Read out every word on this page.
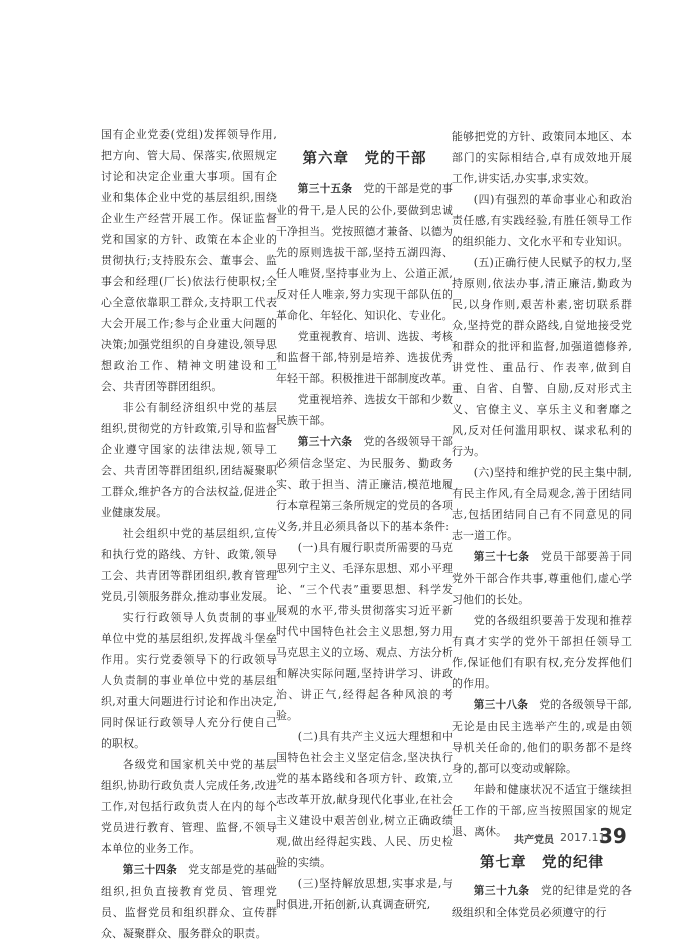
国有企业党委(党组)发挥领导作用,把方向、管大局、保落实,依照规定讨论和决定企业重大事项。国有企业和集体企业中党的基层组织,围绕企业生产经营开展工作。保证监督党和国家的方针、政策在本企业的贯彻执行;支持股东会、董事会、监事会和经理(厂长)依法行使职权;全心全意依靠职工群众,支持职工代表大会开展工作;参与企业重大问题的决策;加强党组织的自身建设,领导思想政治工作、精神文明建设和工会、共青团等群团组织。

非公有制经济组织中党的基层组织,贯彻党的方针政策,引导和监督企业遵守国家的法律法规,领导工会、共青团等群团组织,团结凝聚职工群众,维护各方的合法权益,促进企业健康发展。

社会组织中党的基层组织,宣传和执行党的路线、方针、政策,领导工会、共青团等群团组织,教育管理党员,引领服务群众,推动事业发展。

实行行政领导人负责制的事业单位中党的基层组织,发挥战斗堡垒作用。实行党委领导下的行政领导人负责制的事业单位中党的基层组织,对重大问题进行讨论和作出决定,同时保证行政领导人充分行使自己的职权。

各级党和国家机关中党的基层组织,协助行政负责人完成任务,改进工作,对包括行政负责人在内的每个党员进行教育、管理、监督,不领导本单位的业务工作。

第三十四条　党支部是党的基础组织,担负直接教育党员、管理党员、监督党员和组织群众、宣传群众、凝聚群众、服务群众的职责。

第六章　党的干部

第三十五条　党的干部是党的事业的骨干,是人民的公仆,要做到忠诚干净担当。党按照德才兼备、以德为先的原则选拔干部,坚持五湖四海、任人唯贤,坚持事业为上、公道正派,反对任人唯亲,努力实现干部队伍的革命化、年轻化、知识化、专业化。

党重视教育、培训、选拔、考核和监督干部,特别是培养、选拔优秀年轻干部。积极推进干部制度改革。

党重视培养、选拔女干部和少数民族干部。

第三十六条　党的各级领导干部必须信念坚定、为民服务、勤政务实、敢于担当、清正廉洁,模范地履行本章程第三条所规定的党员的各项义务,并且必须具备以下的基本条件:

(一)具有履行职责所需要的马克思列宁主义、毛泽东思想、邓小平理论、“三个代表”重要思想、科学发展观的水平,带头贯彻落实习近平新时代中国特色社会主义思想,努力用马克思主义的立场、观点、方法分析和解决实际问题,坚持讲学习、讲政治、讲正气,经得起各种风浪的考验。

(二)具有共产主义远大理想和中国特色社会主义坚定信念,坚决执行党的基本路线和各项方针、政策,立志改革开放,献身现代化事业,在社会主义建设中艰苦创业,树立正确政绩观,做出经得起实践、人民、历史检验的实绩。

(三)坚持解放思想,实事求是,与时俱进,开拓创新,认真调查研究,

能够把党的方针、政策同本地区、本部门的实际相结合,卓有成效地开展工作,讲实话,办实事,求实效。

(四)有强烈的革命事业心和政治责任感,有实践经验,有胜任领导工作的组织能力、文化水平和专业知识。

(五)正确行使人民赋予的权力,坚持原则,依法办事,清正廉洁,勤政为民,以身作则,艰苦朴素,密切联系群众,坚持党的群众路线,自觉地接受党和群众的批评和监督,加强道德修养,讲党性、重品行、作表率,做到自重、自省、自警、自励,反对形式主义、官僚主义、享乐主义和奢靡之风,反对任何滥用职权、谋求私利的行为。

(六)坚持和维护党的民主集中制,有民主作风,有全局观念,善于团结同志,包括团结同自己有不同意见的同志一道工作。

第三十七条　党员干部要善于同党外干部合作共事,尊重他们,虚心学习他们的长处。

党的各级组织要善于发现和推荐有真才实学的党外干部担任领导工作,保证他们有职有权,充分发挥他们的作用。

第三十八条　党的各级领导干部,无论是由民主选举产生的,或是由领导机关任命的,他们的职务都不是终身的,都可以变动或解除。

年龄和健康状况不适宜于继续担任工作的干部,应当按照国家的规定退、离休。

第七章　党的纪律

第三十九条　党的纪律是党的各级组织和全体党员必须遵守的行

共产党员 2017.11
39
